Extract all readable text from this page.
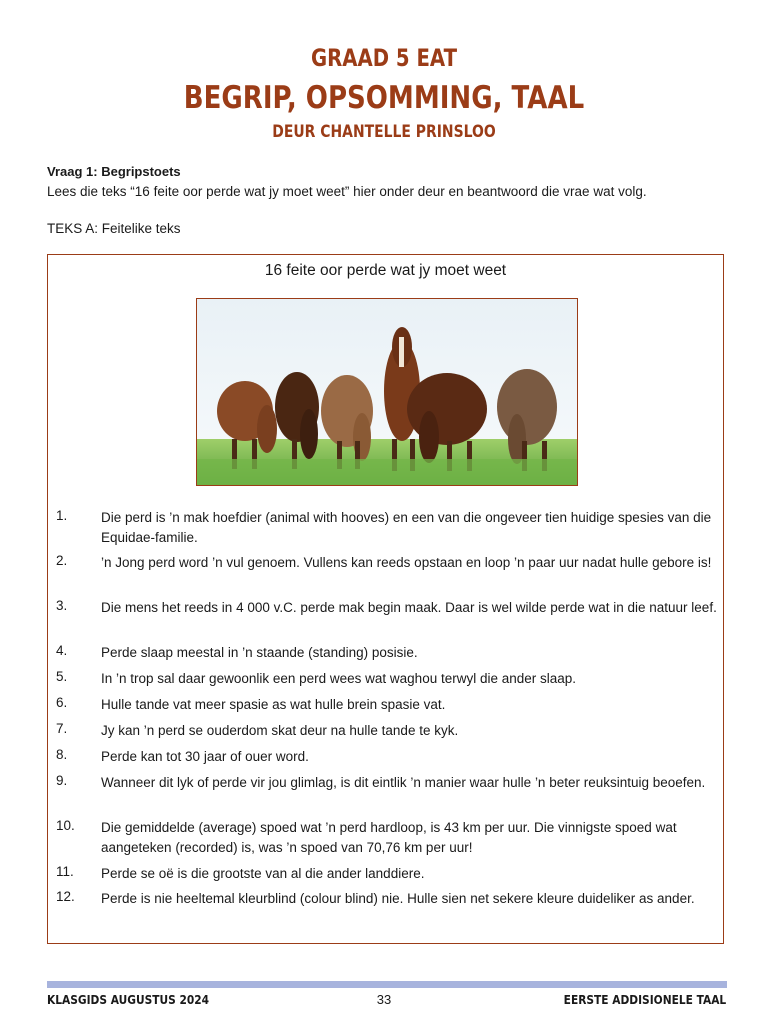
GRAAD 5 EAT
BEGRIP, OPSOMMING, TAAL
DEUR CHANTELLE PRINSLOO
Vraag 1: Begripstoets
Lees die teks “16 feite oor perde wat jy moet weet” hier onder deur en beantwoord die vrae wat volg.
TEKS A: Feitelike teks
16 feite oor perde wat jy moet weet
1. Die perd is ’n mak hoefdier (animal with hooves) en een van die ongeveer tien huidige spesies van die Equidae-familie.
2. ’n Jong perd word ’n vul genoem. Vullens kan reeds opstaan en loop ’n paar uur nadat hulle gebore is!
3. Die mens het reeds in 4 000 v.C. perde mak begin maak. Daar is wel wilde perde wat in die natuur leef.
4. Perde slaap meestal in ’n staande (standing) posisie.
5. In ’n trop sal daar gewoonlik een perd wees wat waghou terwyl die ander slaap.
6. Hulle tande vat meer spasie as wat hulle brein spasie vat.
7. Jy kan ’n perd se ouderdom skat deur na hulle tande te kyk.
8. Perde kan tot 30 jaar of ouer word.
9. Wanneer dit lyk of perde vir jou glimlag, is dit eintlik ’n manier waar hulle ’n beter reuksintuig beoefen.
10. Die gemiddelde (average) spoed wat ’n perd hardloop, is 43 km per uur. Die vinnigste spoed wat aangeteken (recorded) is, was ’n spoed van 70,76 km per uur!
11. Perde se oë is die grootste van al die ander landdiere.
12. Perde is nie heeltemal kleurblind (colour blind) nie. Hulle sien net sekere kleure duideliker as ander.
KLASGIDS AUGUSTUS 2024	33	EERSTE ADDISIONELE TAAL
